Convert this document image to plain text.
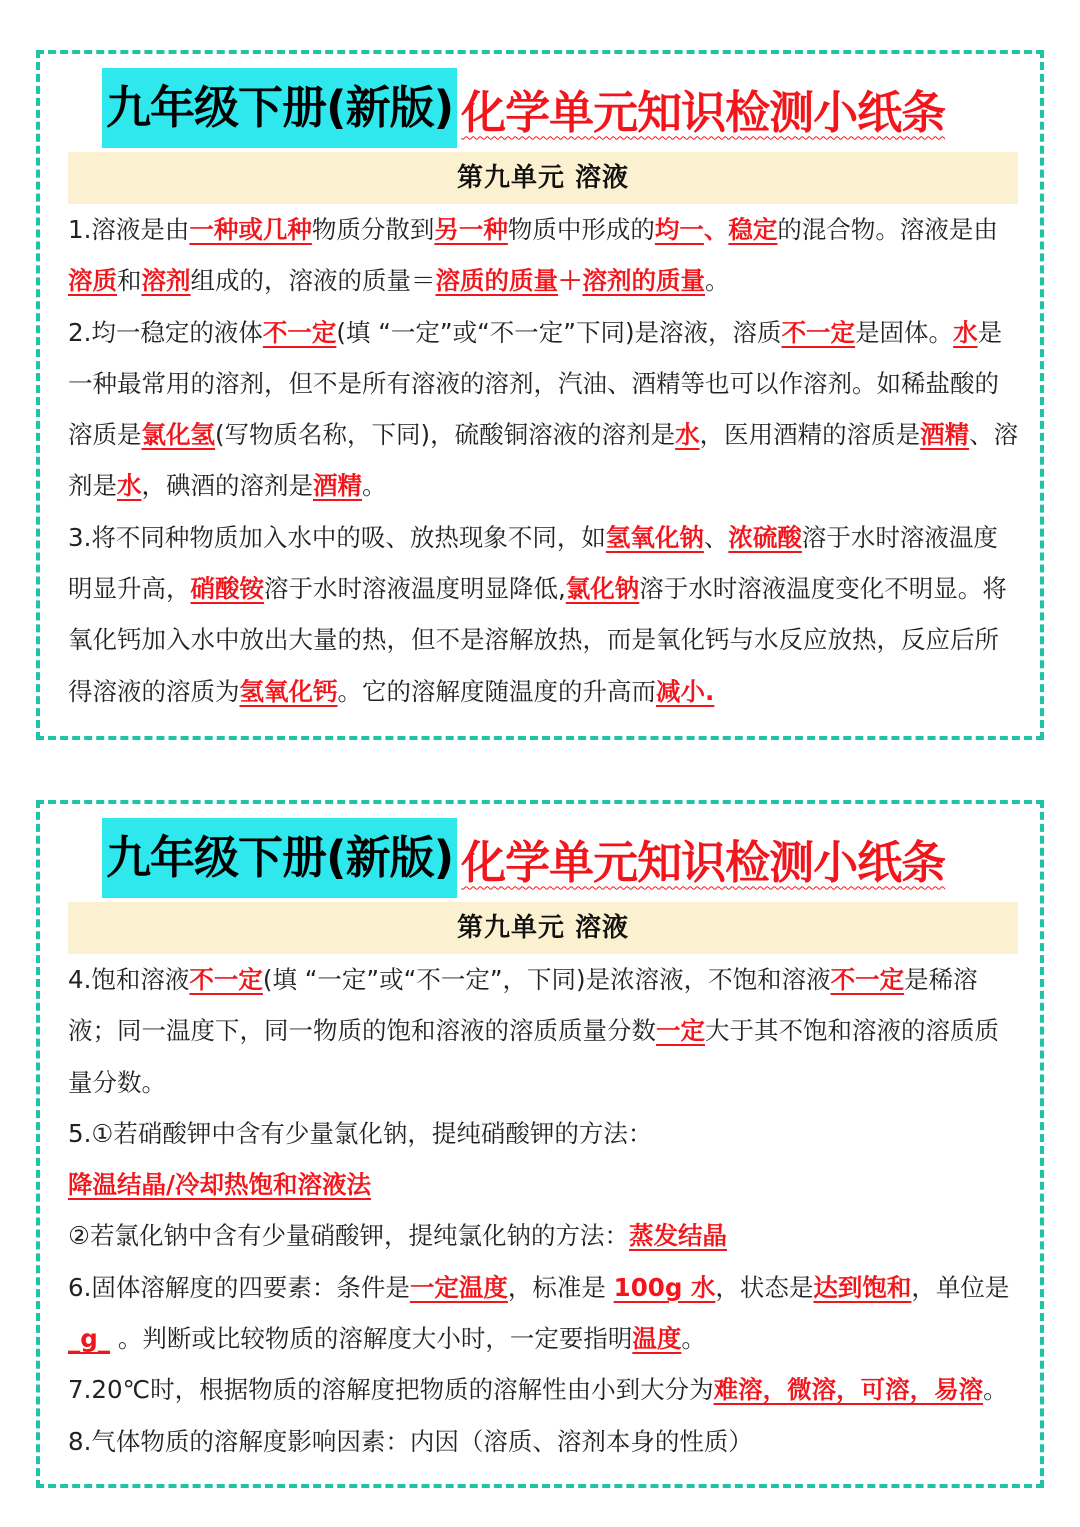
九年级下册(新版) 化学单元知识检测小纸条
第九单元 溶液

1.溶液是由一种或几种物质分散到另一种物质中形成的均一、稳定的混合物。溶液是由溶质和溶剂组成的，溶液的质量＝溶质的质量＋溶剂的质量。

2.均一稳定的液体不一定(填 “一定”或“不一定”下同)是溶液，溶质不一定是固体。水是一种最常用的溶剂，但不是所有溶液的溶剂，汽油、酒精等也可以作溶剂。如稀盐酸的溶质是氯化氢(写物质名称，下同)，硫酸铜溶液的溶剂是水，医用酒精的溶质是酒精、溶剂是水，碘酒的溶剂是酒精。

3.将不同种物质加入水中的吸、放热现象不同，如氢氧化钠、浓硫酸溶于水时溶液温度明显升高，硝酸铵溶于水时溶液温度明显降低,氯化钠溶于水时溶液温度变化不明显。将氧化钙加入水中放出大量的热，但不是溶解放热，而是氧化钙与水反应放热，反应后所得溶液的溶质为氢氧化钙。它的溶解度随温度的升高而减小.

九年级下册(新版) 化学单元知识检测小纸条
第九单元 溶液

4.饱和溶液不一定(填 “一定”或“不一定”，下同)是浓溶液，不饱和溶液不一定是稀溶液；同一温度下，同一物质的饱和溶液的溶质质量分数一定大于其不饱和溶液的溶质质量分数。

5.①若硝酸钾中含有少量氯化钠，提纯硝酸钾的方法：
降温结晶/冷却热饱和溶液法

②若氯化钠中含有少量硝酸钾，提纯氯化钠的方法：蒸发结晶

6.固体溶解度的四要素：条件是一定温度，标准是 100g 水，状态是达到饱和，单位是_g_ 。判断或比较物质的溶解度大小时，一定要指明温度。

7.20℃时，根据物质的溶解度把物质的溶解性由小到大分为难溶，微溶，可溶，易溶。

8.气体物质的溶解度影响因素：内因（溶质、溶剂本身的性质）
